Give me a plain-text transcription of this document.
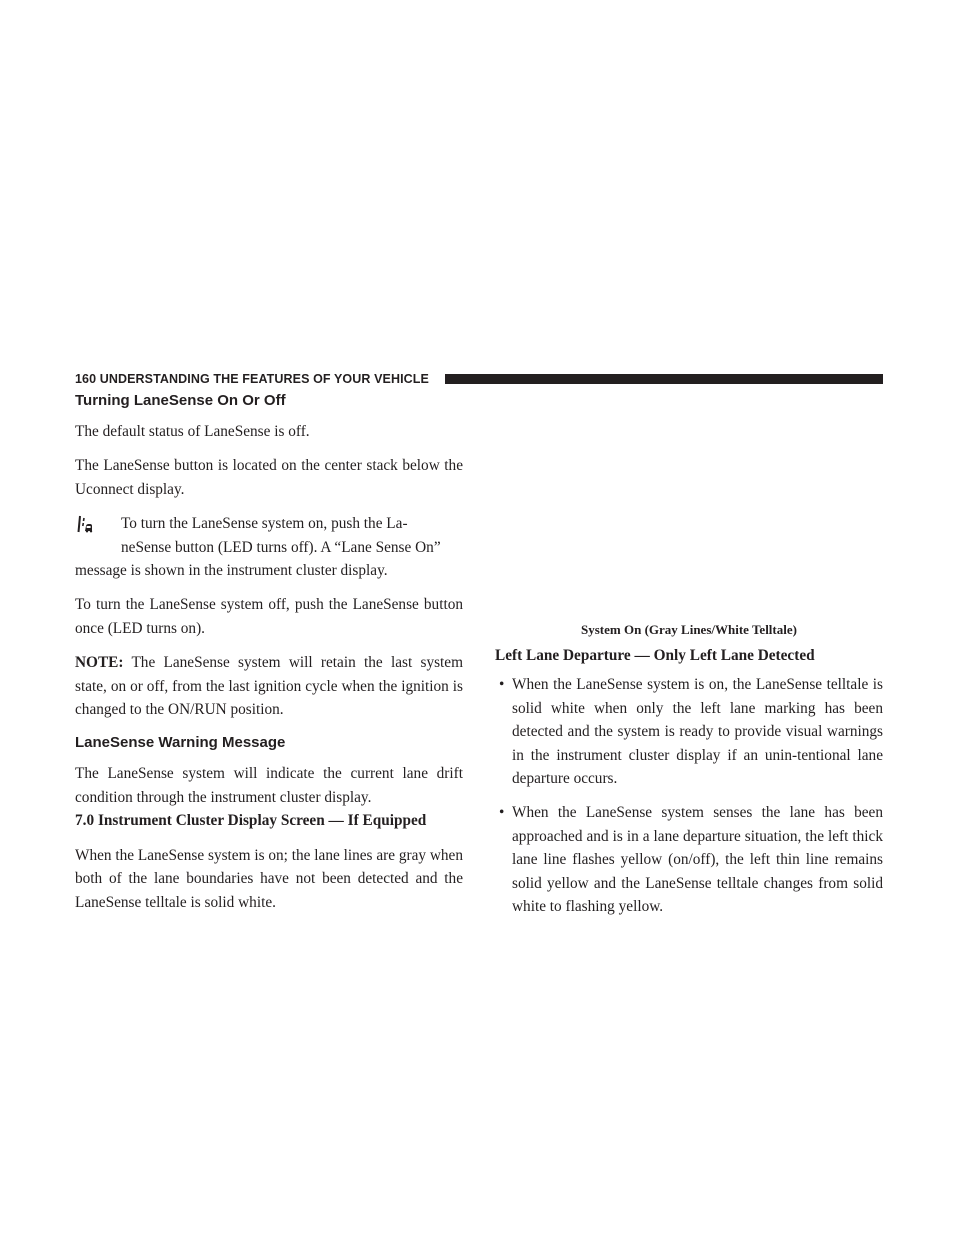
160 UNDERSTANDING THE FEATURES OF YOUR VEHICLE
Turning LaneSense On Or Off

The default status of LaneSense is off.

The LaneSense button is located on the center stack below the Uconnect display.

To turn the LaneSense system on, push the La-

neSense button (LED turns off). A “Lane Sense On”

message is shown in the instrument cluster display.

To turn the LaneSense system off, push the LaneSense button once (LED turns on).

NOTE: The LaneSense system will retain the last system state, on or off, from the last ignition cycle when the ignition is changed to the ON/RUN position.

LaneSense Warning Message

The LaneSense system will indicate the current lane drift condition through the instrument cluster display.

7.0 Instrument Cluster Display Screen — If Equipped

When the LaneSense system is on; the lane lines are gray when both of the lane boundaries have not been detected and the LaneSense telltale is solid white.

System On (Gray Lines/White Telltale)

Left Lane Departure — Only Left Lane Detected

• When the LaneSense system is on, the LaneSense telltale is solid white when only the left lane marking has been detected and the system is ready to provide visual warnings in the instrument cluster display if an unin-tentional lane departure occurs.
• When the LaneSense system senses the lane has been approached and is in a lane departure situation, the left thick lane line flashes yellow (on/off), the left thin line remains solid yellow and the LaneSense telltale changes from solid white to flashing yellow.
